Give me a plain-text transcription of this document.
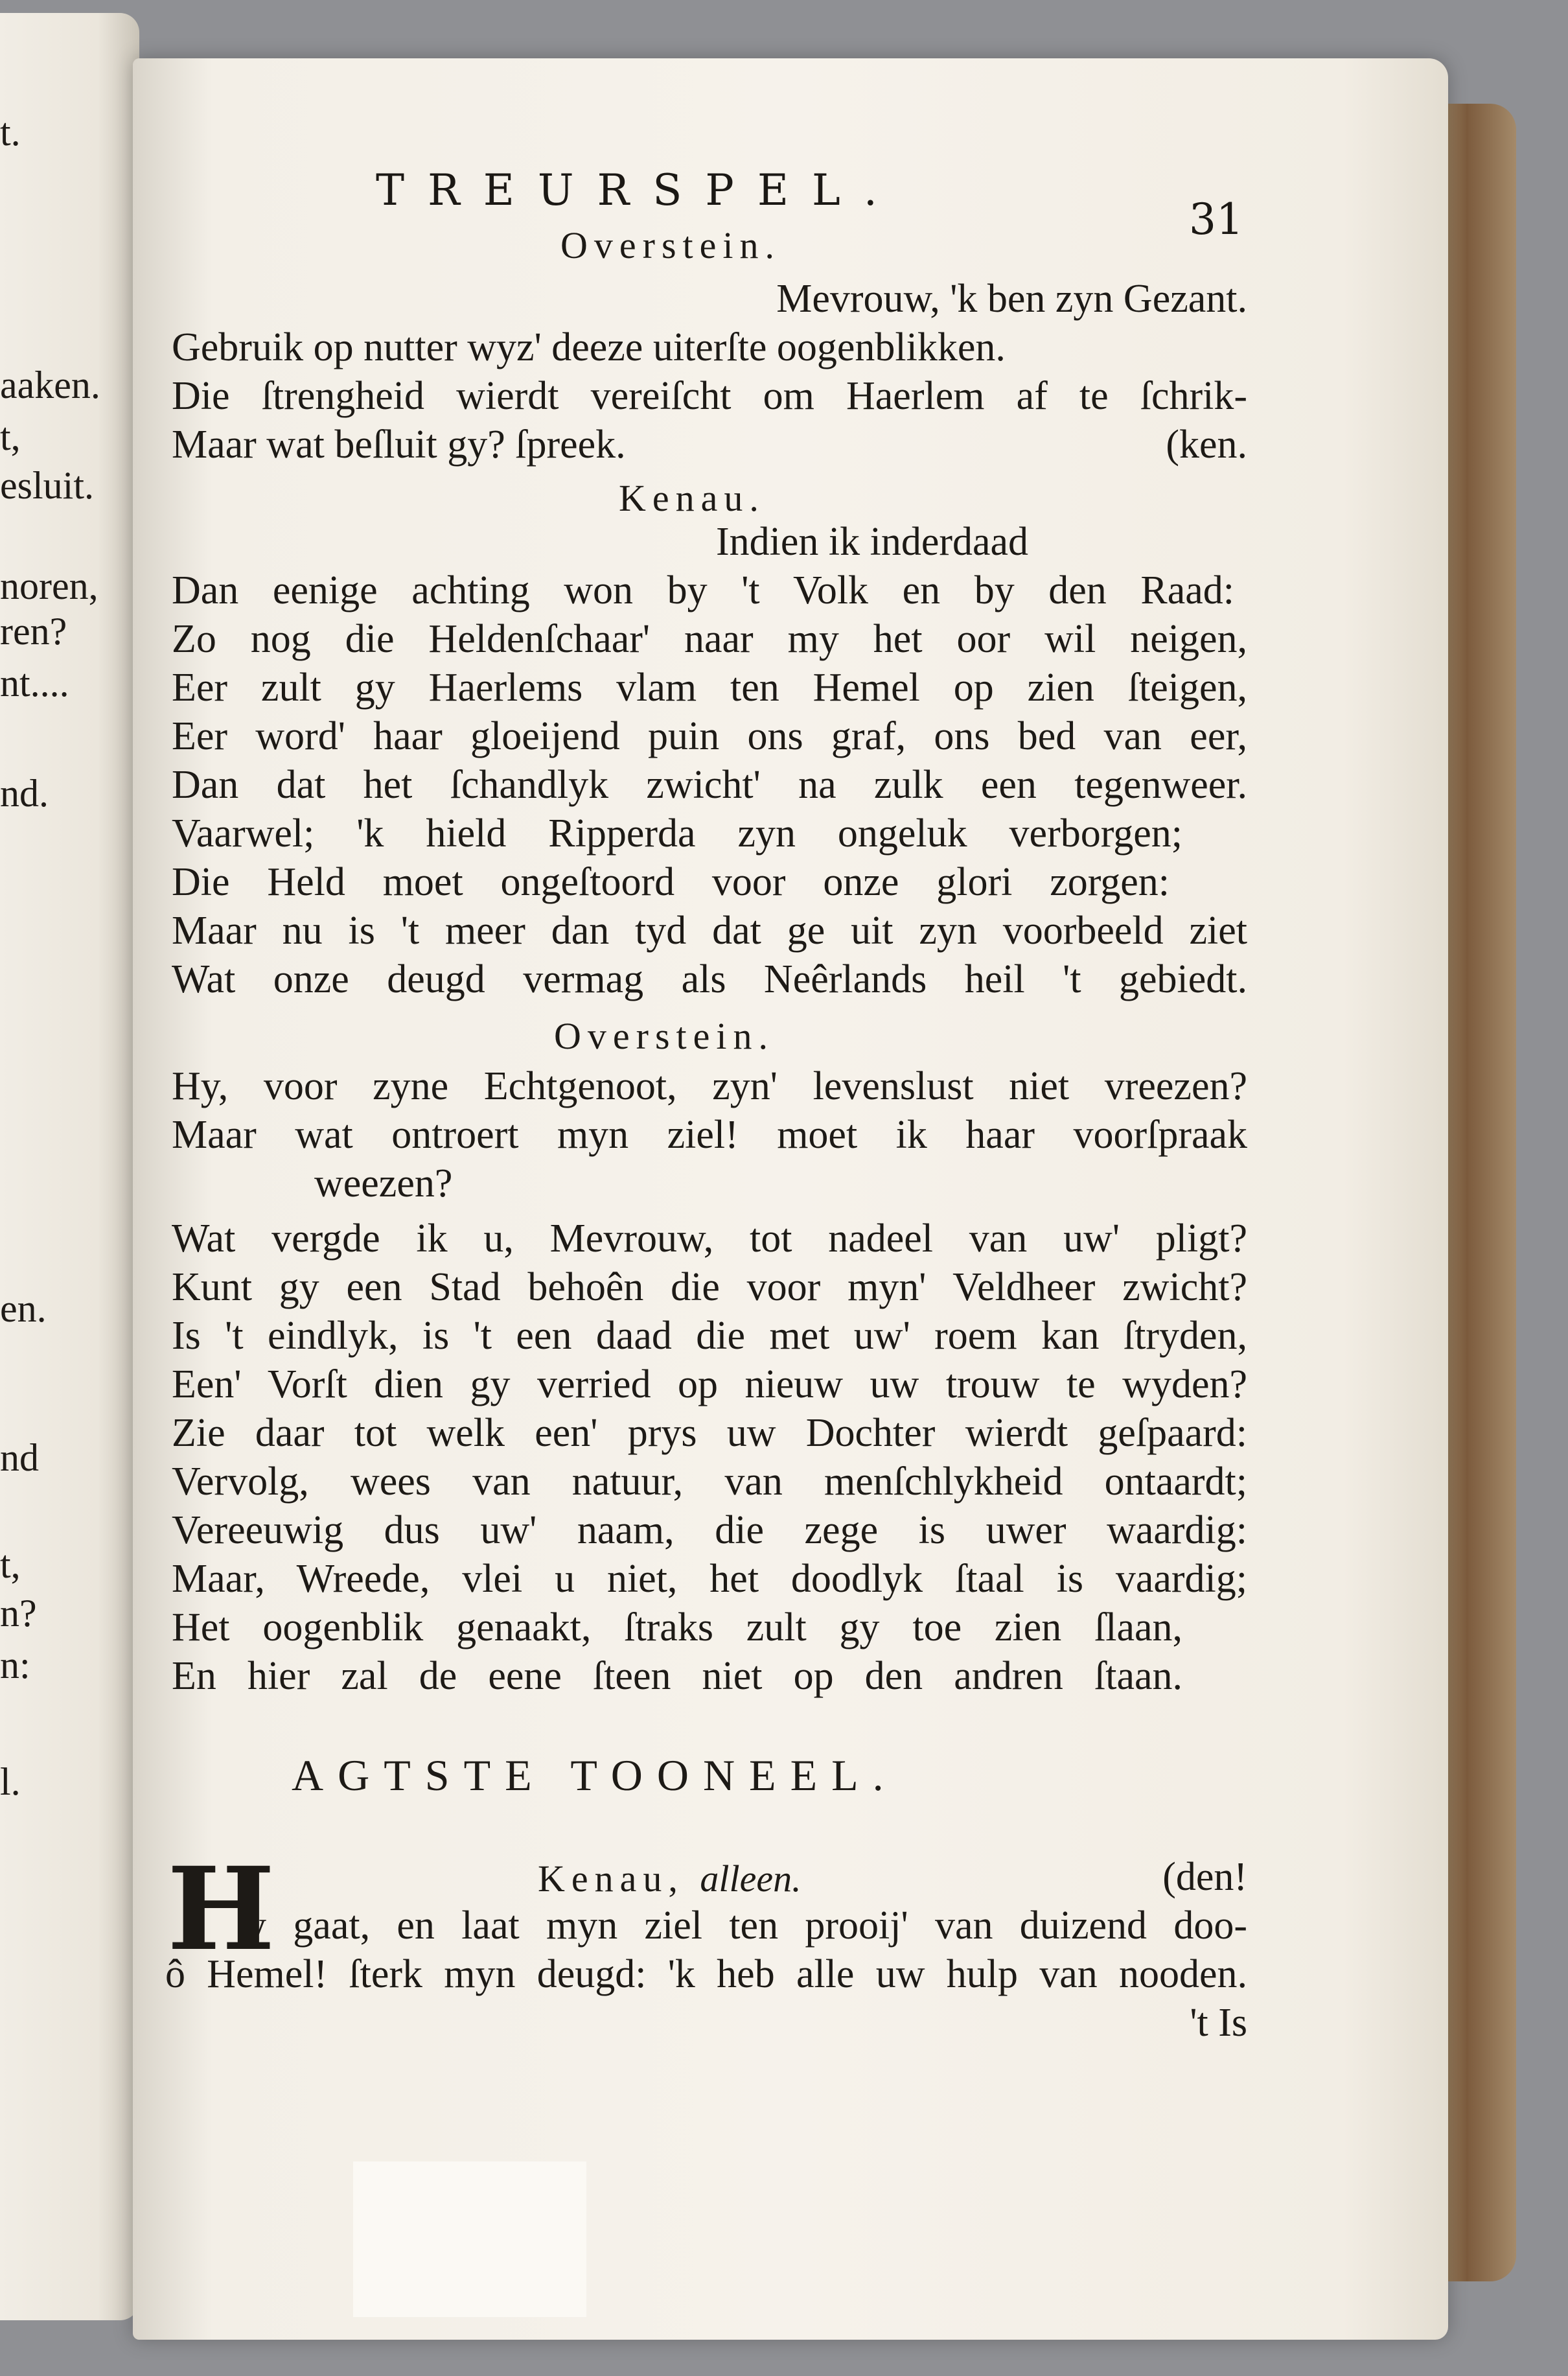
t.
aaken.
t,
esluit.
noren,
ren?
nt....
nd.
en.
nd
t,
n?
n:
l.
TREURSPEL.
31
Overstein.
Kenau.
Overstein.
Mevrouw, 'k ben zyn Gezant.
Gebruik op nutter wyz' deeze uiterſte oogenblikken.
Die ſtrengheid wierdt vereiſcht om Haerlem af te ſchrik-
Maar wat beſluit gy? ſpreek.	(ken.
Indien ik inderdaad
Dan eenige achting won by 't Volk en by den Raad:
Zo nog die Heldenſchaar' naar my het oor wil neigen,
Eer zult gy Haerlems vlam ten Hemel op zien ſteigen,
Eer word' haar gloeijend puin ons graf, ons bed van eer,
Dan dat het ſchandlyk zwicht' na zulk een tegenweer.
Vaarwel; 'k hield Ripperda zyn ongeluk verborgen;
Die Held moet ongeſtoord voor onze glori zorgen:
Maar nu is 't meer dan tyd dat ge uit zyn voorbeeld ziet
Wat onze deugd vermag als Neêrlands heil 't gebiedt.
Hy, voor zyne Echtgenoot, zyn' levenslust niet vreezen?
Maar wat ontroert myn ziel! moet ik haar voorſpraak
weezen?
Wat vergde ik u, Mevrouw, tot nadeel van uw' pligt?
Kunt gy een Stad behoên die voor myn' Veldheer zwicht?
Is 't eindlyk, is 't een daad die met uw' roem kan ſtryden,
Een' Vorſt dien gy verried op nieuw uw trouw te wyden?
Zie daar tot welk een' prys uw Dochter wierdt geſpaard:
Vervolg, wees van natuur, van menſchlykheid ontaardt;
Vereeuwig dus uw' naam, die zege is uwer waardig:
Maar, Wreede, vlei u niet, het doodlyk ſtaal is vaardig;
Het oogenblik genaakt, ſtraks zult gy toe zien ſlaan,
En hier zal de eene ſteen niet op den andren ſtaan.
AGTSTE TOONEEL.
Kenau, alleen.	(den!
y gaat, en laat myn ziel ten prooij' van duizend doo-
ô Hemel! ſterk myn deugd: 'k heb alle uw hulp van nooden.
't Is
H
